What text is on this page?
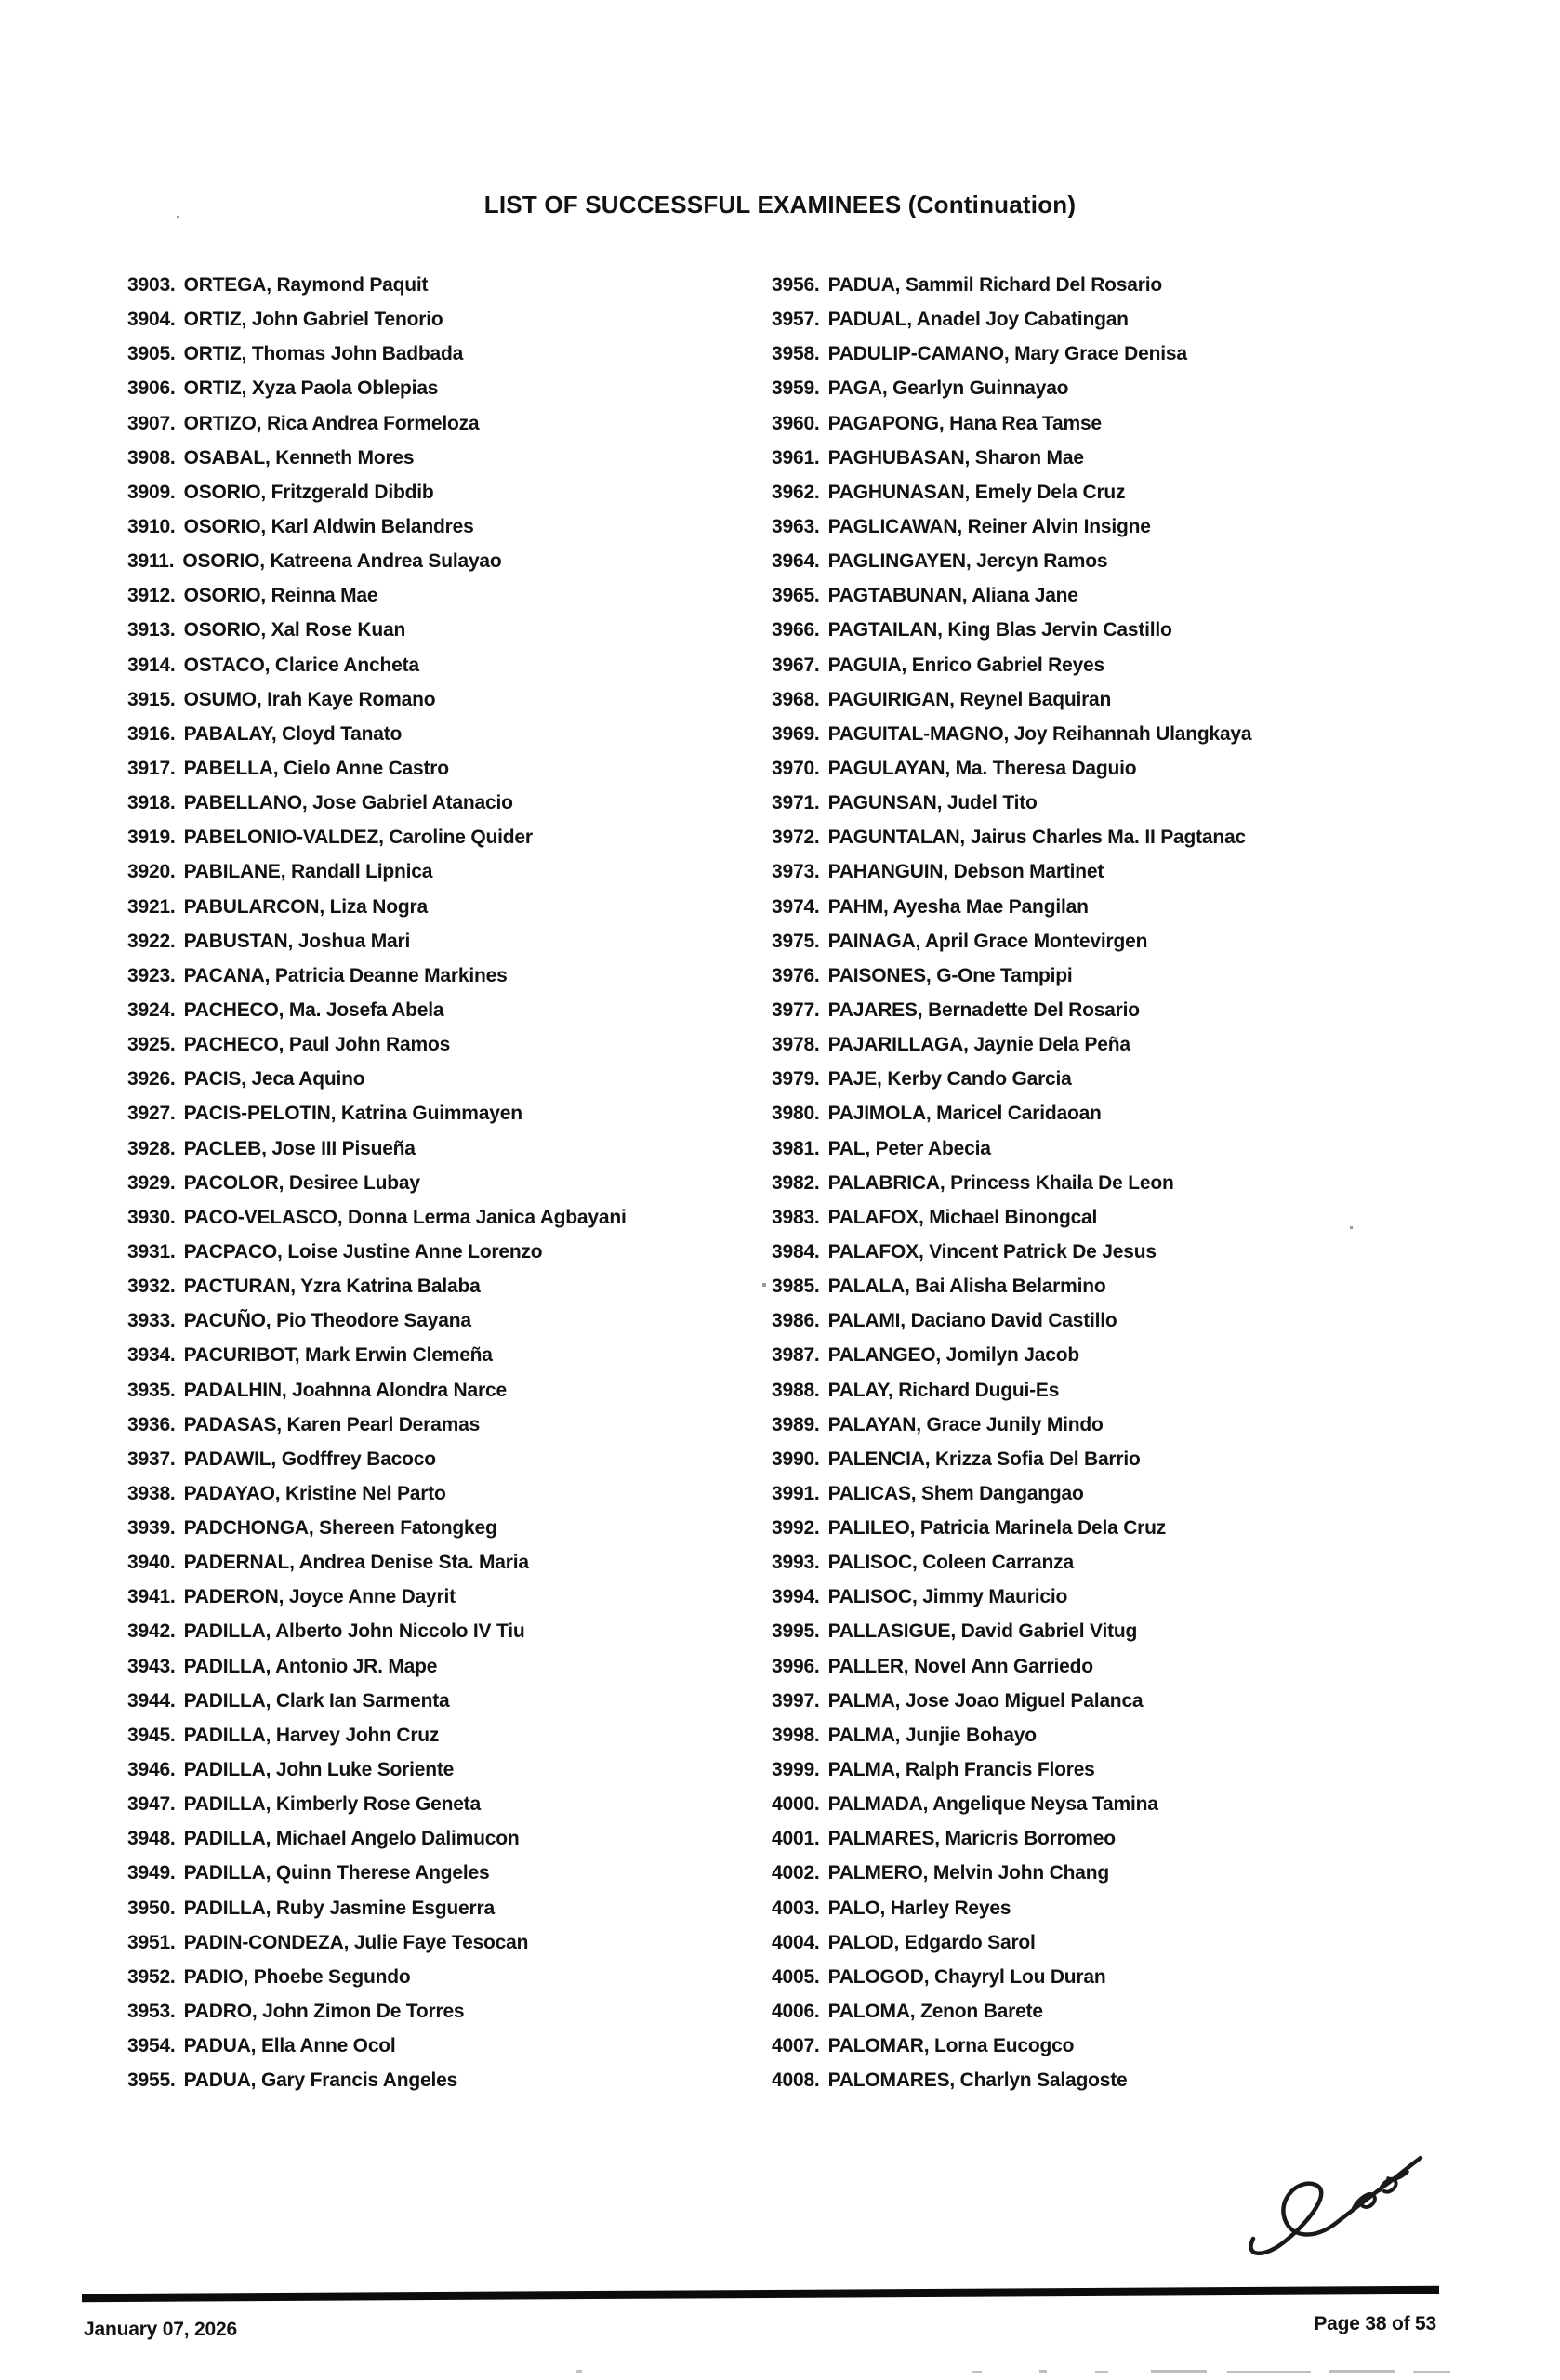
LIST OF SUCCESSFUL EXAMINEES (Continuation)
3903. ORTEGA, Raymond Paquit
3904. ORTIZ, John Gabriel Tenorio
3905. ORTIZ, Thomas John Badbada
3906. ORTIZ, Xyza Paola Oblepias
3907. ORTIZO, Rica Andrea Formeloza
3908. OSABAL, Kenneth Mores
3909. OSORIO, Fritzgerald Dibdib
3910. OSORIO, Karl Aldwin Belandres
3911. OSORIO, Katreena Andrea Sulayao
3912. OSORIO, Reinna Mae
3913. OSORIO, Xal Rose Kuan
3914. OSTACO, Clarice Ancheta
3915. OSUMO, Irah Kaye Romano
3916. PABALAY, Cloyd Tanato
3917. PABELLA, Cielo Anne Castro
3918. PABELLANO, Jose Gabriel Atanacio
3919. PABELONIO-VALDEZ, Caroline Quider
3920. PABILANE, Randall Lipnica
3921. PABULARCON, Liza Nogra
3922. PABUSTAN, Joshua Mari
3923. PACANA, Patricia Deanne Markines
3924. PACHECO, Ma. Josefa Abela
3925. PACHECO, Paul John Ramos
3926. PACIS, Jeca Aquino
3927. PACIS-PELOTIN, Katrina Guimmayen
3928. PACLEB, Jose III Pisueña
3929. PACOLOR, Desiree Lubay
3930. PACO-VELASCO, Donna Lerma Janica Agbayani
3931. PACPACO, Loise Justine Anne Lorenzo
3932. PACTURAN, Yzra Katrina Balaba
3933. PACUÑO, Pio Theodore Sayana
3934. PACURIBOT, Mark Erwin Clemeña
3935. PADALHIN, Joahnna Alondra Narce
3936. PADASAS, Karen Pearl Deramas
3937. PADAWIL, Godffrey Bacoco
3938. PADAYAO, Kristine Nel Parto
3939. PADCHONGA, Shereen Fatongkeg
3940. PADERNAL, Andrea Denise Sta. Maria
3941. PADERON, Joyce Anne Dayrit
3942. PADILLA, Alberto John Niccolo IV Tiu
3943. PADILLA, Antonio JR. Mape
3944. PADILLA, Clark Ian Sarmenta
3945. PADILLA, Harvey John Cruz
3946. PADILLA, John Luke Soriente
3947. PADILLA, Kimberly Rose Geneta
3948. PADILLA, Michael Angelo Dalimucon
3949. PADILLA, Quinn Therese Angeles
3950. PADILLA, Ruby Jasmine Esguerra
3951. PADIN-CONDEZA, Julie Faye Tesocan
3952. PADIO, Phoebe Segundo
3953. PADRO, John Zimon De Torres
3954. PADUA, Ella Anne Ocol
3955. PADUA, Gary Francis Angeles
3956. PADUA, Sammil Richard Del Rosario
3957. PADUAL, Anadel Joy Cabatingan
3958. PADULIP-CAMANO, Mary Grace Denisa
3959. PAGA, Gearlyn Guinnayao
3960. PAGAPONG, Hana Rea Tamse
3961. PAGHUBASAN, Sharon Mae
3962. PAGHUNASAN, Emely Dela Cruz
3963. PAGLICAWAN, Reiner Alvin Insigne
3964. PAGLINGAYEN, Jercyn Ramos
3965. PAGTABUNAN, Aliana Jane
3966. PAGTAILAN, King Blas Jervin Castillo
3967. PAGUIA, Enrico Gabriel Reyes
3968. PAGUIRIGAN, Reynel Baquiran
3969. PAGUITAL-MAGNO, Joy Reihannah Ulangkaya
3970. PAGULAYAN, Ma. Theresa Daguio
3971. PAGUNSAN, Judel Tito
3972. PAGUNTALAN, Jairus Charles Ma. II Pagtanac
3973. PAHANGUIN, Debson Martinet
3974. PAHM, Ayesha Mae Pangilan
3975. PAINAGA, April Grace Montevirgen
3976. PAISONES, G-One Tampipi
3977. PAJARES, Bernadette Del Rosario
3978. PAJARILLAGA, Jaynie Dela Peña
3979. PAJE, Kerby Cando Garcia
3980. PAJIMOLA, Maricel Caridaoan
3981. PAL, Peter Abecia
3982. PALABRICA, Princess Khaila De Leon
3983. PALAFOX, Michael Binongcal
3984. PALAFOX, Vincent Patrick De Jesus
3985. PALALA, Bai Alisha Belarmino
3986. PALAMI, Daciano David Castillo
3987. PALANGEO, Jomilyn Jacob
3988. PALAY, Richard Dugui-Es
3989. PALAYAN, Grace Junily Mindo
3990. PALENCIA, Krizza Sofia Del Barrio
3991. PALICAS, Shem Dangangao
3992. PALILEO, Patricia Marinela Dela Cruz
3993. PALISOC, Coleen Carranza
3994. PALISOC, Jimmy Mauricio
3995. PALLASIGUE, David Gabriel Vitug
3996. PALLER, Novel Ann Garriedo
3997. PALMA, Jose Joao Miguel Palanca
3998. PALMA, Junjie Bohayo
3999. PALMA, Ralph Francis Flores
4000. PALMADA, Angelique Neysa Tamina
4001. PALMARES, Maricris Borromeo
4002. PALMERO, Melvin John Chang
4003. PALO, Harley Reyes
4004. PALOD, Edgardo Sarol
4005. PALOGOD, Chayryl Lou Duran
4006. PALOMA, Zenon Barete
4007. PALOMAR, Lorna Eucogco
4008. PALOMARES, Charlyn Salagoste
January 07, 2026	Page 38 of 53
